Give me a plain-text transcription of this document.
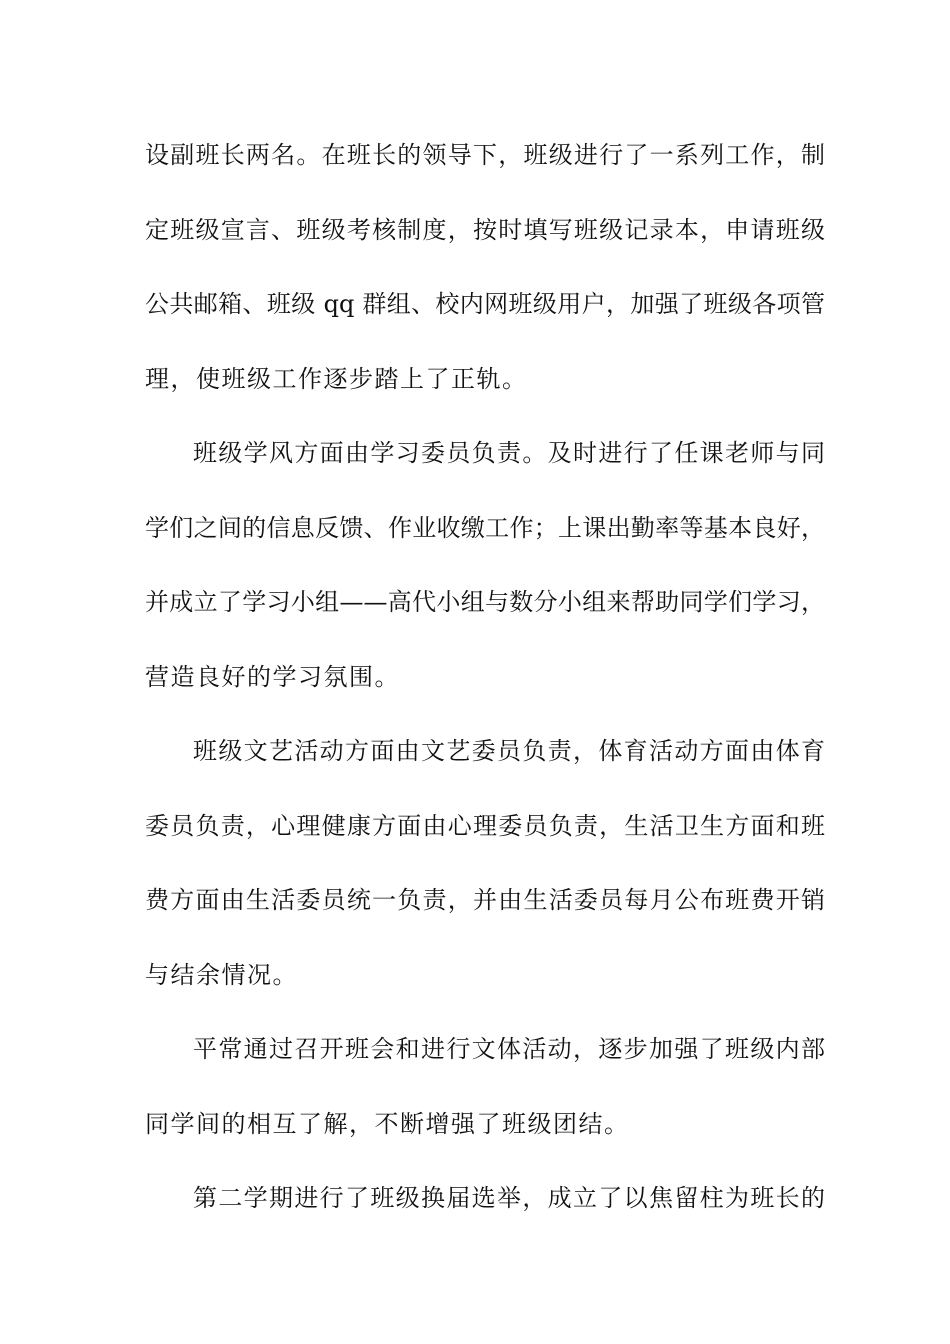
设副班长两名。在班长的领导下，班级进行了一系列工作，制
定班级宣言、班级考核制度，按时填写班级记录本，申请班级
公共邮箱、班级 qq 群组、校内网班级用户，加强了班级各项管
理，使班级工作逐步踏上了正轨。
班级学风方面由学习委员负责。及时进行了任课老师与同
学们之间的信息反馈、作业收缴工作；上课出勤率等基本良好，
并成立了学习小组——高代小组与数分小组来帮助同学们学习，
营造良好的学习氛围。
班级文艺活动方面由文艺委员负责，体育活动方面由体育
委员负责，心理健康方面由心理委员负责，生活卫生方面和班
费方面由生活委员统一负责，并由生活委员每月公布班费开销
与结余情况。
平常通过召开班会和进行文体活动，逐步加强了班级内部
同学间的相互了解，不断增强了班级团结。
第二学期进行了班级换届选举，成立了以焦留柱为班长的
